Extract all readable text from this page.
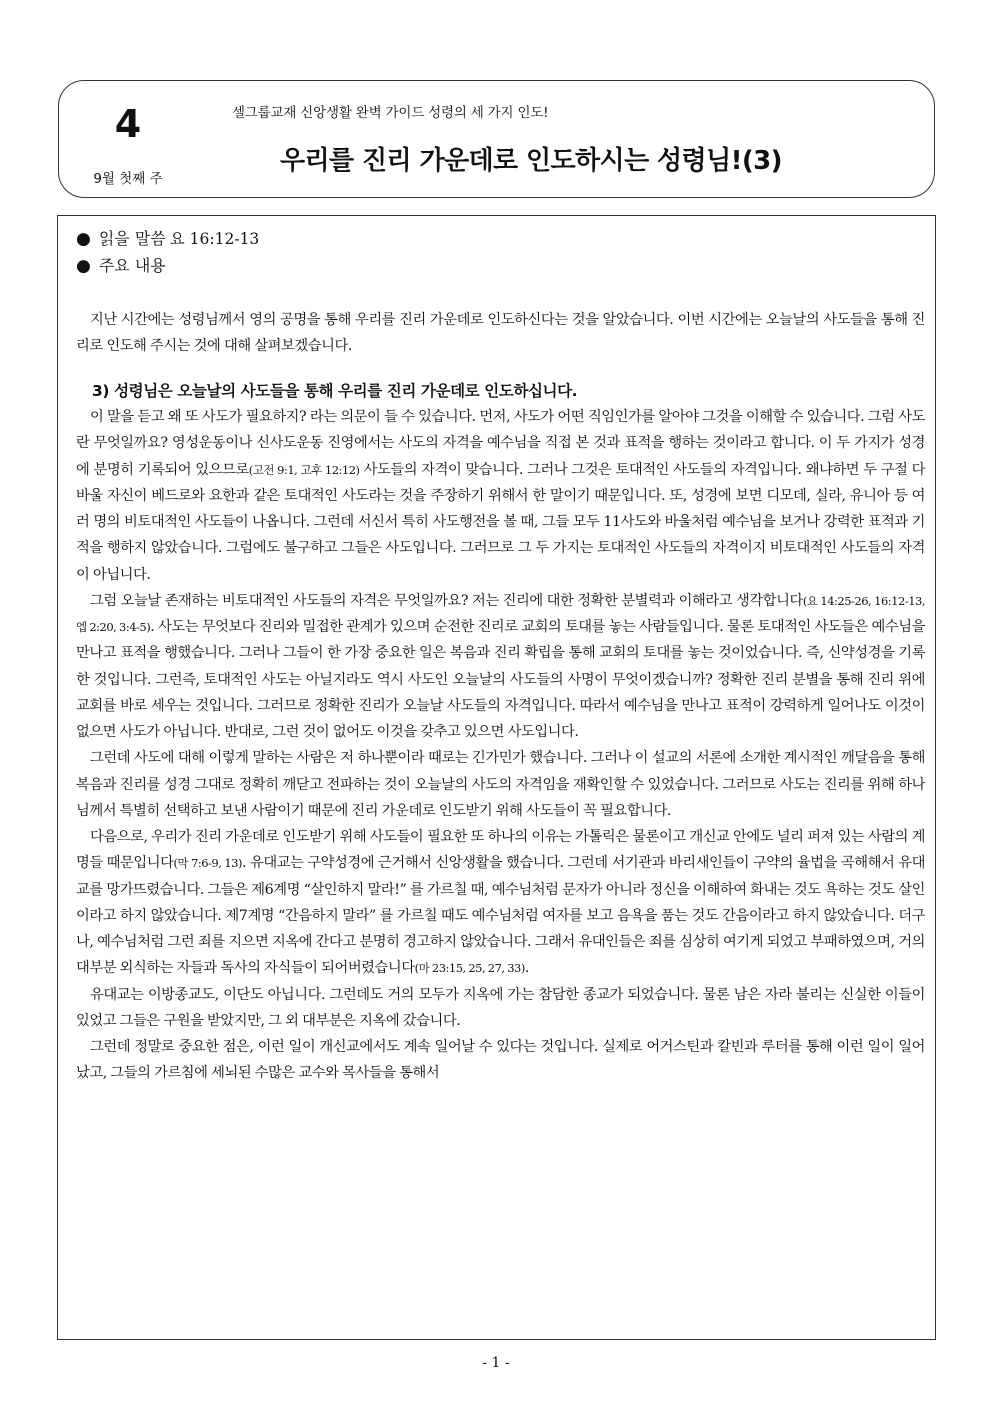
4
9월 첫째 주
셀그룹교재 신앙생활 완벽 가이드 성령의 세 가지 인도!
우리를 진리 가운데로 인도하시는 성령님!(3)
● 읽을 말씀 요 16:12-13
● 주요 내용

지난 시간에는 성령님께서 영의 공명을 통해 우리를 진리 가운데로 인도하신다는 것을 알았습니다. 이번 시간에는 오늘날의 사도들을 통해 진리로 인도해 주시는 것에 대해 살펴보겠습니다.

3) 성령님은 오늘날의 사도들을 통해 우리를 진리 가운데로 인도하십니다.

이 말을 듣고 왜 또 사도가 필요하지? 라는 의문이 들 수 있습니다. 먼저, 사도가 어떤 직임인가를 알아야 그것을 이해할 수 있습니다. 그럼 사도란 무엇일까요? 영성운동이나 신사도운동 진영에서는 사도의 자격을 예수님을 직접 본 것과 표적을 행하는 것이라고 합니다. 이 두 가지가 성경에 분명히 기록되어 있으므로(고전 9:1, 고후 12:12) 사도들의 자격이 맞습니다. 그러나 그것은 토대적인 사도들의 자격입니다. 왜냐하면 두 구절 다 바울 자신이 베드로와 요한과 같은 토대적인 사도라는 것을 주장하기 위해서 한 말이기 때문입니다. 또, 성경에 보면 디모데, 실라, 유니아 등 여러 명의 비토대적인 사도들이 나옵니다. 그런데 서신서 특히 사도행전을 볼 때, 그들 모두 11사도와 바울처럼 예수님을 보거나 강력한 표적과 기적을 행하지 않았습니다. 그럼에도 불구하고 그들은 사도입니다. 그러므로 그 두 가지는 토대적인 사도들의 자격이지 비토대적인 사도들의 자격이 아닙니다.

그럼 오늘날 존재하는 비토대적인 사도들의 자격은 무엇일까요? 저는 진리에 대한 정확한 분별력과 이해라고 생각합니다(요 14:25-26, 16:12-13, 엡 2:20, 3:4-5). 사도는 무엇보다 진리와 밀접한 관계가 있으며 순전한 진리로 교회의 토대를 놓는 사람들입니다. 물론 토대적인 사도들은 예수님을 만나고 표적을 행했습니다. 그러나 그들이 한 가장 중요한 일은 복음과 진리 확립을 통해 교회의 토대를 놓는 것이었습니다. 즉, 신약성경을 기록한 것입니다. 그런즉, 토대적인 사도는 아닐지라도 역시 사도인 오늘날의 사도들의 사명이 무엇이겠습니까? 정확한 진리 분별을 통해 진리 위에 교회를 바로 세우는 것입니다. 그러므로 정확한 진리가 오늘날 사도들의 자격입니다. 따라서 예수님을 만나고 표적이 강력하게 일어나도 이것이 없으면 사도가 아닙니다. 반대로, 그런 것이 없어도 이것을 갖추고 있으면 사도입니다.

그런데 사도에 대해 이렇게 말하는 사람은 저 하나뿐이라 때로는 긴가민가 했습니다. 그러나 이 설교의 서론에 소개한 계시적인 깨달음을 통해 복음과 진리를 성경 그대로 정확히 깨닫고 전파하는 것이 오늘날의 사도의 자격임을 재확인할 수 있었습니다. 그러므로 사도는 진리를 위해 하나님께서 특별히 선택하고 보낸 사람이기 때문에 진리 가운데로 인도받기 위해 사도들이 꼭 필요합니다.

다음으로, 우리가 진리 가운데로 인도받기 위해 사도들이 필요한 또 하나의 이유는 가톨릭은 물론이고 개신교 안에도 널리 퍼져 있는 사람의 계명들 때문입니다(막 7:6-9, 13). 유대교는 구약성경에 근거해서 신앙생활을 했습니다. 그런데 서기관과 바리새인들이 구약의 율법을 곡해해서 유대교를 망가뜨렸습니다. 그들은 제6계명 “살인하지 말라!” 를 가르칠 때, 예수님처럼 문자가 아니라 정신을 이해하여 화내는 것도 욕하는 것도 살인이라고 하지 않았습니다. 제7계명 “간음하지 말라” 를 가르칠 때도 예수님처럼 여자를 보고 음욕을 품는 것도 간음이라고 하지 않았습니다. 더구나, 예수님처럼 그런 죄를 지으면 지옥에 간다고 분명히 경고하지 않았습니다. 그래서 유대인들은 죄를 심상히 여기게 되었고 부패하였으며, 거의 대부분 외식하는 자들과 독사의 자식들이 되어버렸습니다(마 23:15, 25, 27, 33).

유대교는 이방종교도, 이단도 아닙니다. 그런데도 거의 모두가 지옥에 가는 참담한 종교가 되었습니다. 물론 남은 자라 불리는 신실한 이들이 있었고 그들은 구원을 받았지만, 그 외 대부분은 지옥에 갔습니다.

그런데 정말로 중요한 점은, 이런 일이 개신교에서도 계속 일어날 수 있다는 것입니다. 실제로 어거스틴과 칼빈과 루터를 통해 이런 일이 일어났고, 그들의 가르침에 세뇌된 수많은 교수와 목사들을 통해서

- 1 -
